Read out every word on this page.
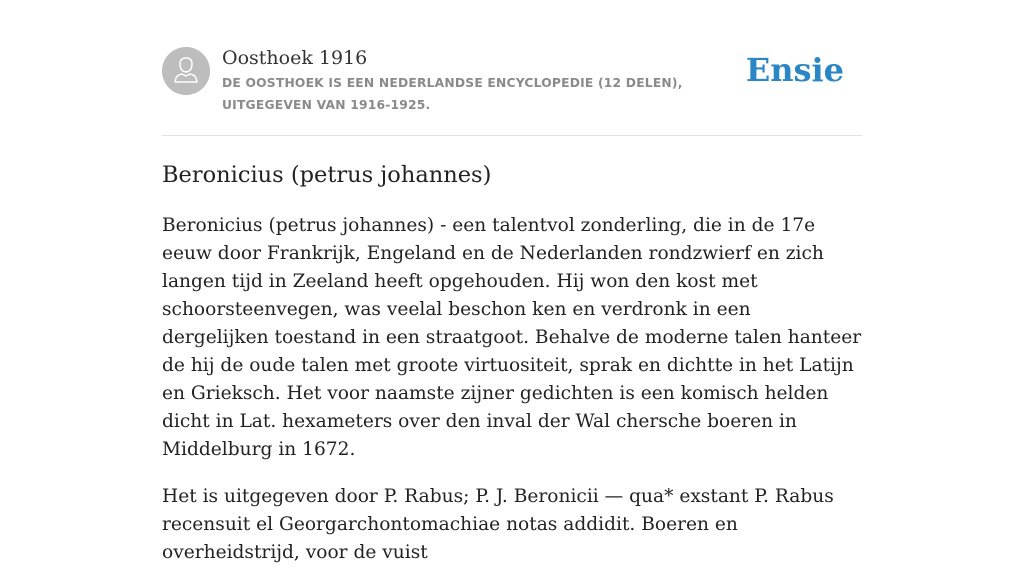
Oosthoek 1916
DE OOSTHOEK IS EEN NEDERLANDSE ENCYCLOPEDIE (12 DELEN), UITGEGEVEN VAN 1916-1925.
Ensie
Beronicius (petrus johannes)

Beronicius (petrus johannes) - een talentvol zonderling, die in de 17e eeuw door Frankrijk, Engeland en de Nederlanden rondzwierf en zich langen tijd in Zeeland heeft opgehouden. Hij won den kost met schoorsteenvegen, was veelal beschon ken en verdronk in een dergelijken toestand in een straatgoot. Behalve de moderne talen hanteer de hij de oude talen met groote virtuositeit, sprak en dichtte in het Latijn en Grieksch. Het voor naamste zijner gedichten is een komisch helden dicht in Lat. hexameters over den inval der Wal chersche boeren in Middelburg in 1672.

Het is uitgegeven door P. Rabus; P. J. Beronicii — qua* exstant P. Rabus recensuit el Georgarchontomachiae notas addidit. Boeren en overheidstrijd, voor de vuist
